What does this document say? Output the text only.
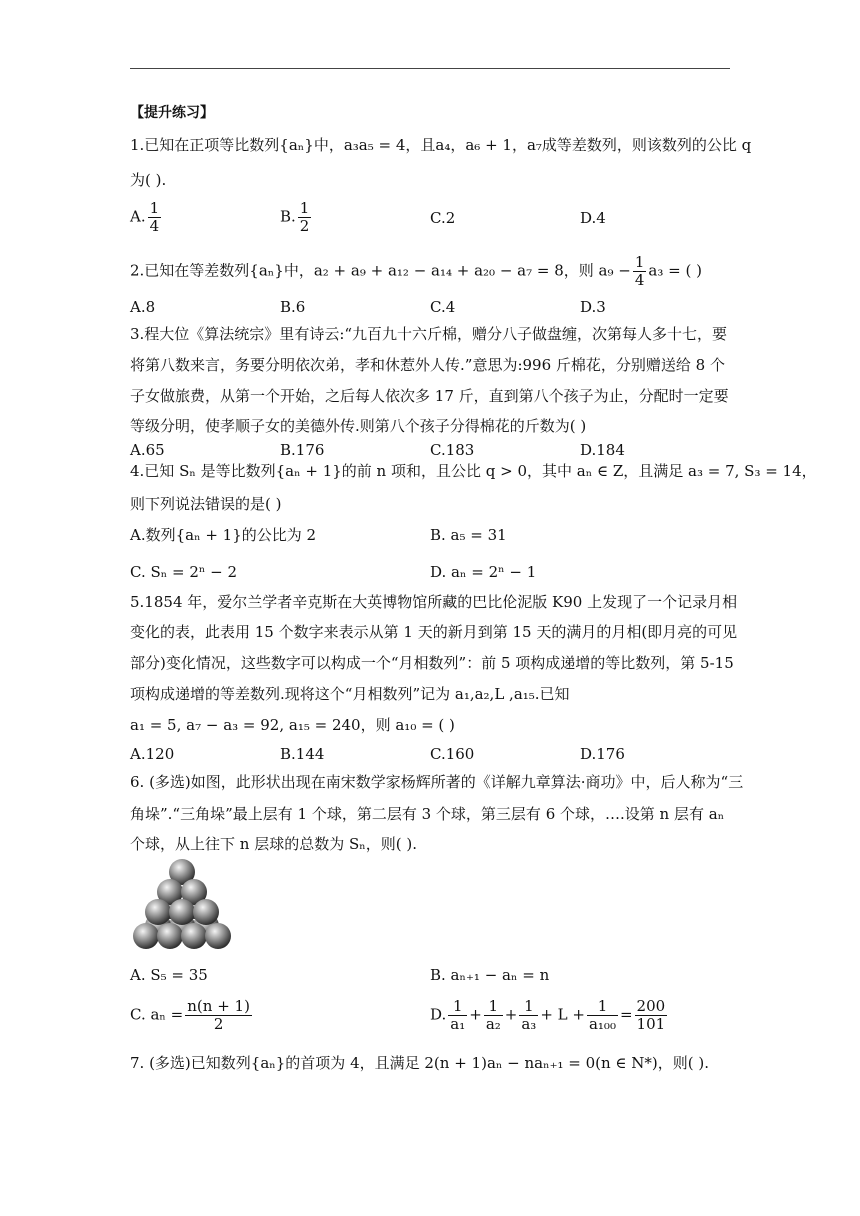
【提升练习】
1.已知在正项等比数列{aₙ}中，a₃a₅ = 4，且a₄，a₆ + 1，a₇成等差数列，则该数列的公比 q
为( ).
A. $\frac{1}{4}$	B. $\frac{1}{2}$	C.2	D.4
2.已知在等差数列{aₙ}中，a₂ + a₉ + a₁₂ − a₁₄ + a₂₀ − a₇ = 8，则 $a_9 - \frac{1}{4} a_3$ = ( )
A.8	B.6	C.4	D.3
3.程大位《算法统宗》里有诗云:“九百九十六斤棉，赠分八子做盘缠，次第每人多十七，要
将第八数来言，务要分明依次弟，孝和休惹外人传.”意思为:996 斤棉花，分别赠送给 8 个
子女做旅费，从第一个开始，之后每人依次多 17 斤，直到第八个孩子为止，分配时一定要
等级分明，使孝顺子女的美德外传.则第八个孩子分得棉花的斤数为( )
A.65	B.176	C.183	D.184
4.已知 Sₙ 是等比数列{aₙ + 1}的前 n 项和，且公比 q > 0，其中 aₙ ∈ Z，且满足 a₃ = 7, S₃ = 14，
则下列说法错误的是( )
A.数列{aₙ + 1}的公比为 2	B. a₅ = 31
C. Sₙ = 2ⁿ − 2	D. aₙ = 2ⁿ − 1
5.1854 年，爱尔兰学者辛克斯在大英博物馆所藏的巴比伦泥版 K90 上发现了一个记录月相
变化的表，此表用 15 个数字来表示从第 1 天的新月到第 15 天的满月的月相(即月亮的可见
部分)变化情况，这些数字可以构成一个“月相数列”：前 5 项构成递增的等比数列，第 5-15
项构成递增的等差数列.现将这个“月相数列”记为 a₁,a₂,L ,a₁₅.已知
a₁ = 5, a₇ − a₃ = 92, a₁₅ = 240，则 a₁₀ = ( )
A.120	B.144	C.160	D.176
6. (多选)如图，此形状出现在南宋数学家杨辉所著的《详解九章算法·商功》中，后人称为“三
角垛”.“三角垛”最上层有 1 个球，第二层有 3 个球，第三层有 6 个球，….设第 n 层有 aₙ
个球，从上往下 n 层球的总数为 Sₙ，则( ).
A. S₅ = 35	B. aₙ₊₁ − aₙ = n
C. $a_n = \frac{n(n + 1)}{2}$	D. $\frac{1}{\text{a₁}} + \frac{1}{\text{a₂}} + \frac{1}{\text{a₃}} + L + \frac{1}{\text{a₁₀₀}} = \frac{200}{101}$
7. (多选)已知数列{aₙ}的首项为 4，且满足 2(n + 1)aₙ − naₙ₊₁ = 0(n ∈ N*)，则( ).
